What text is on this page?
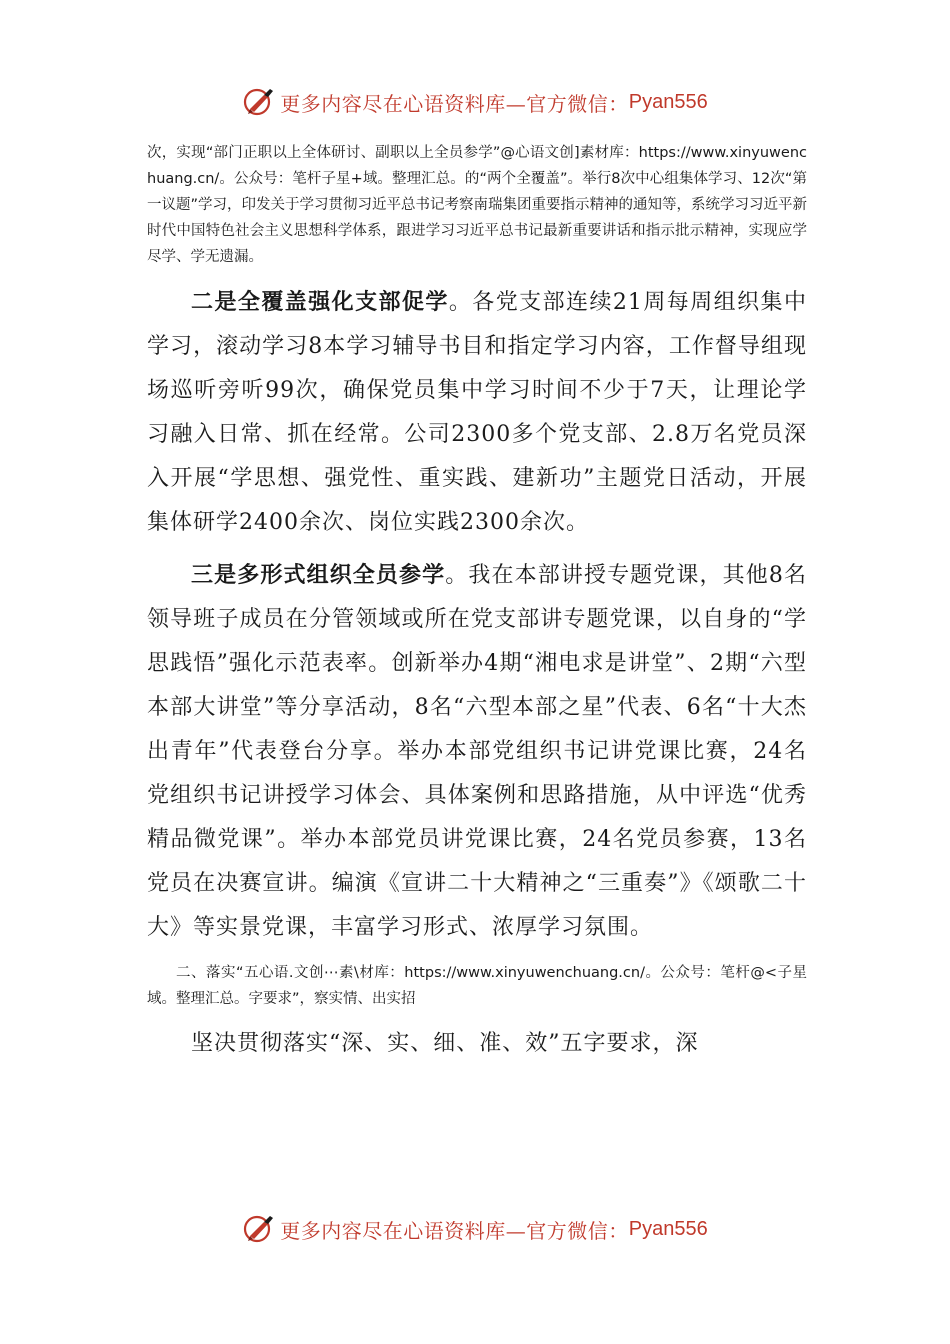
更多内容尽在心语资料库—官方微信： Pyan556

次，实现“部门正职以上全体研讨、副职以上全员参学”@心语文创]素材库：https://www.xinyuwenchuang.cn/。公众号：笔杆子星+域。整理汇总。的“两个全覆盖”。举行8次中心组集体学习、12次“第一议题”学习，印发关于学习贯彻习近平总书记考察南瑞集团重要指示精神的通知等，系统学习习近平新时代中国特色社会主义思想科学体系，跟进学习习近平总书记最新重要讲话和指示批示精神，实现应学尽学、学无遗漏。

二是全覆盖强化支部促学。各党支部连续21周每周组织集中学习，滚动学习8本学习辅导书目和指定学习内容，工作督导组现场巡听旁听99次，确保党员集中学习时间不少于7天，让理论学习融入日常、抓在经常。公司2300多个党支部、2.8万名党员深入开展“学思想、强党性、重实践、建新功”主题党日活动，开展集体研学2400余次、岗位实践2300余次。

三是多形式组织全员参学。我在本部讲授专题党课，其他8名领导班子成员在分管领域或所在党支部讲专题党课，以自身的“学思践悟”强化示范表率。创新举办4期“湘电求是讲堂”、2期“六型本部大讲堂”等分享活动，8名“六型本部之星”代表、6名“十大杰出青年”代表登台分享。举办本部党组织书记讲党课比赛，24名党组织书记讲授学习体会、具体案例和思路措施，从中评选“优秀精品微党课”。举办本部党员讲党课比赛，24名党员参赛，13名党员在决赛宣讲。编演《宣讲二十大精神之“三重奏”》《颂歌二十大》等实景党课，丰富学习形式、浓厚学习氛围。

二、落实“五心语.文创⋯素\材库：https://www.xinyuwenchuang.cn/。公众号：笔杆@<子星域。整理汇总。字要求”，察实情、出实招

坚决贯彻落实“深、实、细、准、效”五字要求，深

更多内容尽在心语资料库—官方微信： Pyan556
